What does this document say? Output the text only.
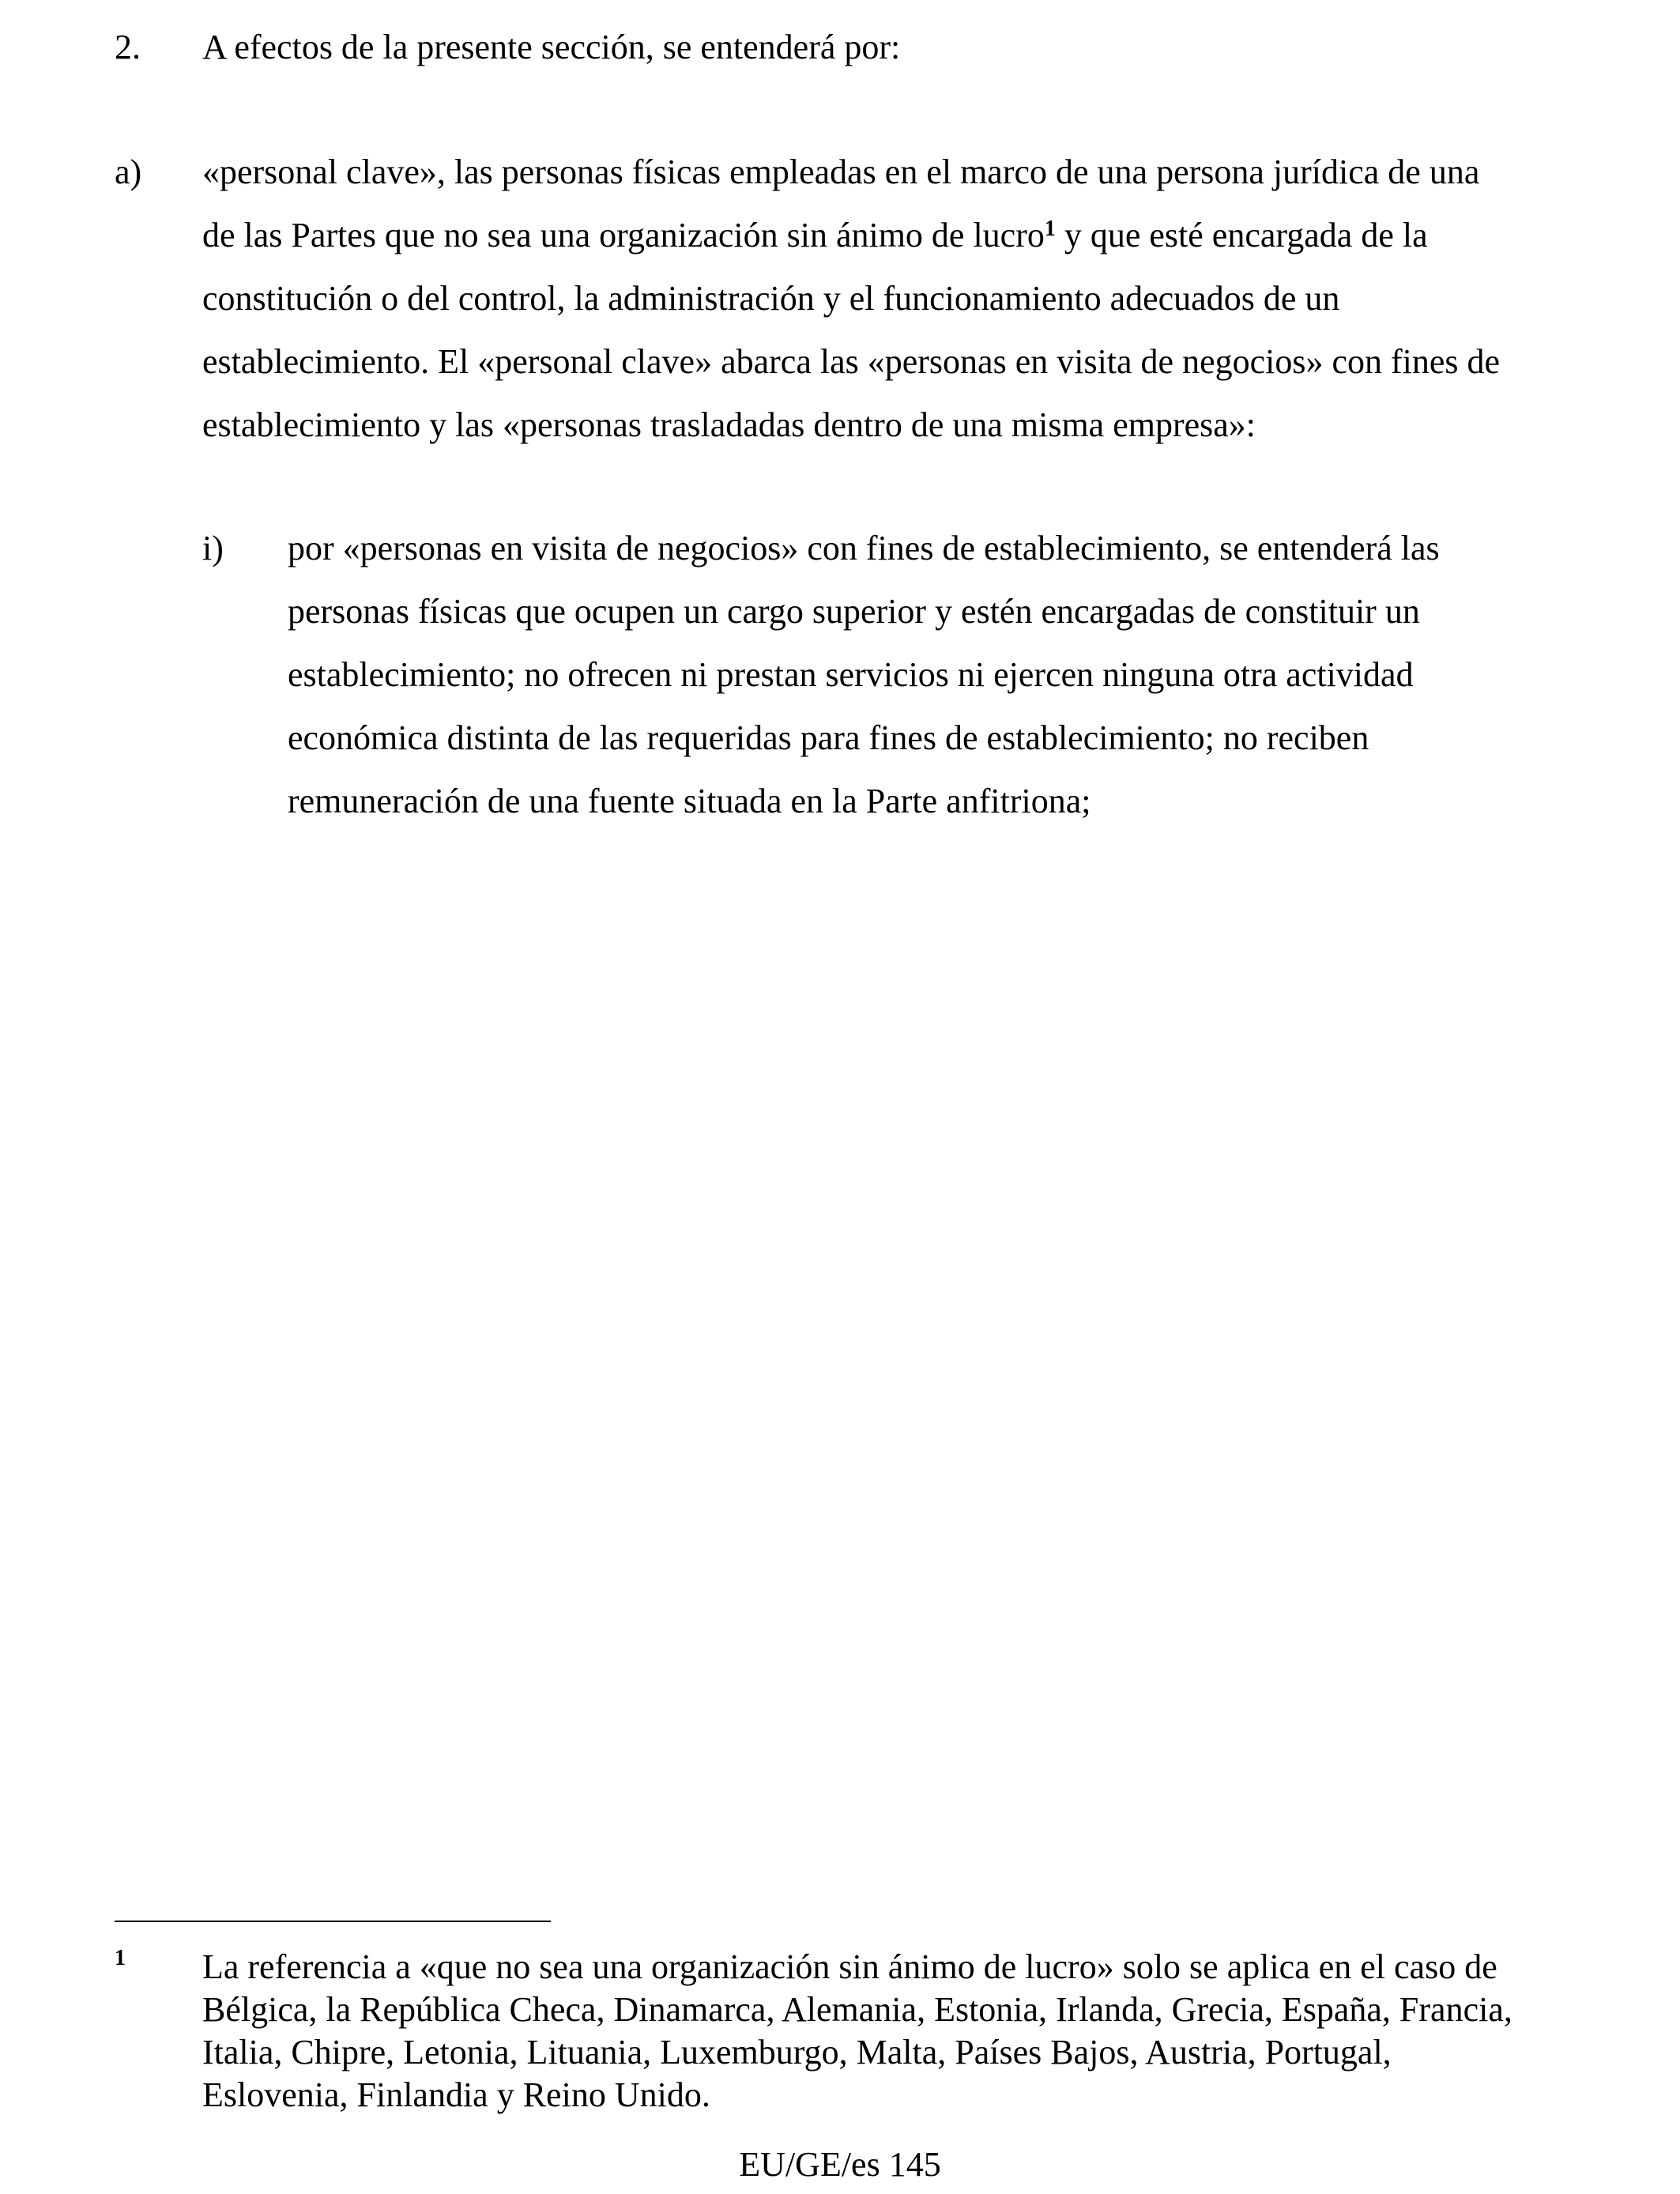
2. A efectos de la presente sección, se entenderá por:
a) «personal clave», las personas físicas empleadas en el marco de una persona jurídica de una
de las Partes que no sea una organización sin ánimo de lucro$^1$ y que esté encargada de la
constitución o del control, la administración y el funcionamiento adecuados de un
establecimiento. El «personal clave» abarca las «personas en visita de negocios» con fines de
establecimiento y las «personas trasladadas dentro de una misma empresa»:
i) por «personas en visita de negocios» con fines de establecimiento, se entenderá las
personas físicas que ocupen un cargo superior y estén encargadas de constituir un
establecimiento; no ofrecen ni prestan servicios ni ejercen ninguna otra actividad
económica distinta de las requeridas para fines de establecimiento; no reciben
remuneración de una fuente situada en la Parte anfitriona;
1 La referencia a «que no sea una organización sin ánimo de lucro» solo se aplica en el caso de
Bélgica, la República Checa, Dinamarca, Alemania, Estonia, Irlanda, Grecia, España, Francia,
Italia, Chipre, Letonia, Lituania, Luxemburgo, Malta, Países Bajos, Austria, Portugal,
Eslovenia, Finlandia y Reino Unido.
EU/GE/es 145
